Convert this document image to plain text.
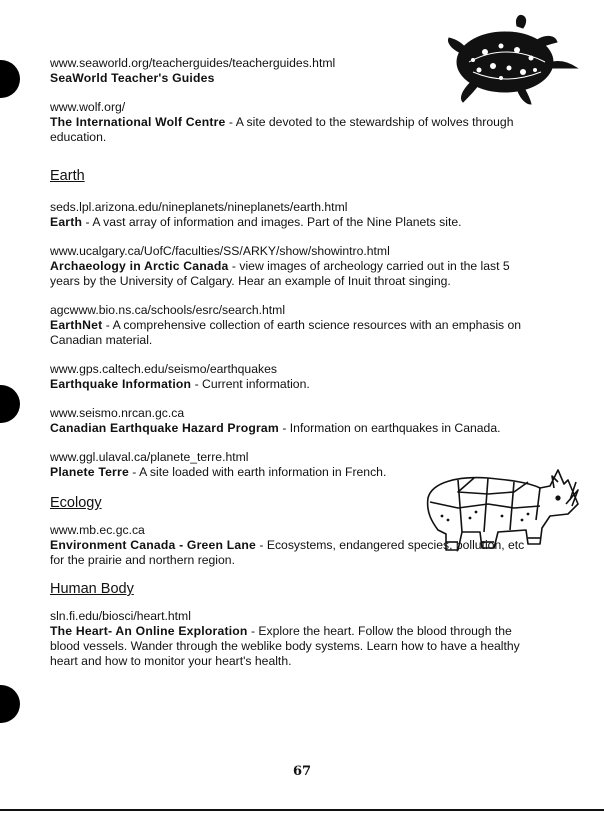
www.seaworld.org/teacherguides/teacherguides.html
SeaWorld Teacher's Guides
www.wolf.org/
The International Wolf Centre - A site devoted to the stewardship of wolves through education.
Earth
seds.lpl.arizona.edu/nineplanets/nineplanets/earth.html
Earth - A vast array of information and images. Part of the Nine Planets site.
www.ucalgary.ca/UofC/faculties/SS/ARKY/show/showintro.html
Archaeology in Arctic Canada - view images of archeology carried out in the last 5 years by the University of Calgary. Hear an example of Inuit throat singing.
agcwww.bio.ns.ca/schools/esrc/search.html
EarthNet - A comprehensive collection of earth science resources with an emphasis on Canadian material.
www.gps.caltech.edu/seismo/earthquakes
Earthquake Information - Current information.
www.seismo.nrcan.gc.ca
Canadian Earthquake Hazard Program - Information on earthquakes in Canada.
www.ggl.ulaval.ca/planete_terre.html
Planete Terre - A site loaded with earth information in French.
Ecology
www.mb.ec.gc.ca
Environment Canada - Green Lane - Ecosystems, endangered species, pollution, etc for the prairie and northern region.
Human Body
sln.fi.edu/biosci/heart.html
The Heart- An Online Exploration - Explore the heart. Follow the blood through the blood vessels. Wander through the weblike body systems. Learn how to have a healthy heart and how to monitor your heart's health.
67
